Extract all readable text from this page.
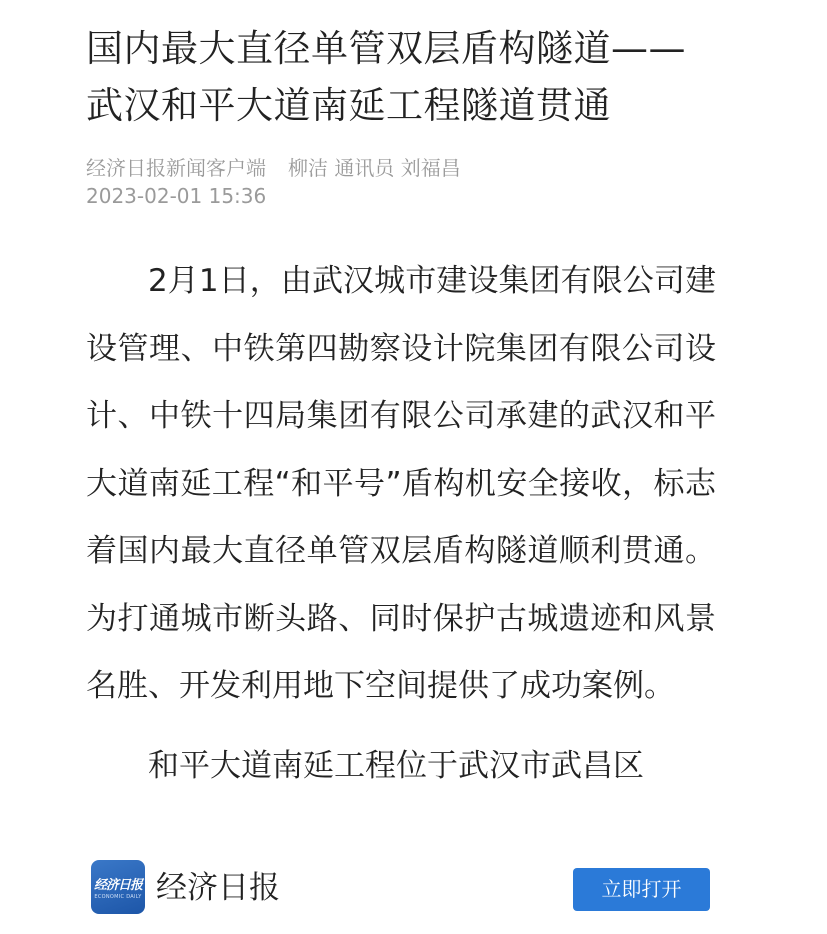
国内最大直径单管双层盾构隧道——武汉和平大道南延工程隧道贯通
经济日报新闻客户端 柳洁 通讯员 刘福昌
2023-02-01 15:36

2月1日，由武汉城市建设集团有限公司建设管理、中铁第四勘察设计院集团有限公司设计、中铁十四局集团有限公司承建的武汉和平大道南延工程“和平号”盾构机安全接收，标志着国内最大直径单管双层盾构隧道顺利贯通。为打通城市断头路、同时保护古城遗迹和风景名胜、开发利用地下空间提供了成功案例。

和平大道南延工程位于武汉市武昌区

经济日报
ECONOMIC DAILY 经济日报	立即打开
